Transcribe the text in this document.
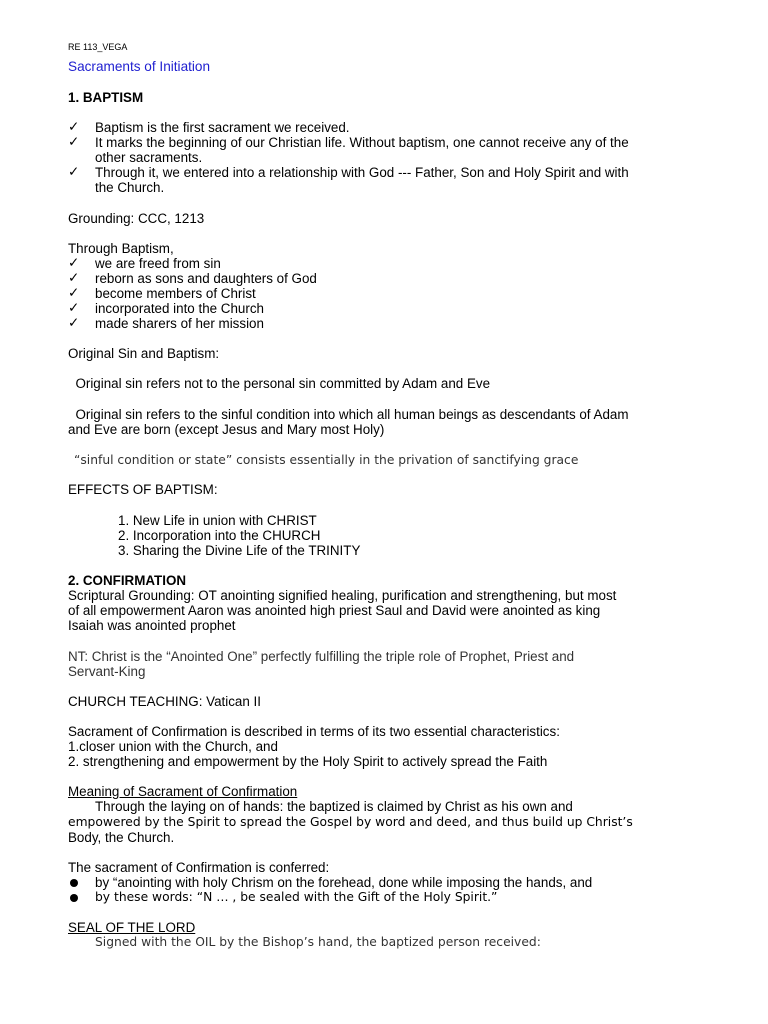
RE 113_VEGA
Sacraments of Initiation
1. BAPTISM
✓ Baptism is the first sacrament we received.
✓ It marks the beginning of our Christian life. Without baptism, one cannot receive any of the
other sacraments.
✓ Through it, we entered into a relationship with God --- Father, Son and Holy Spirit and with
the Church.
Grounding: CCC, 1213
Through Baptism,
✓ we are freed from sin
✓ reborn as sons and daughters of God
✓ become members of Christ
✓ incorporated into the Church
✓ made sharers of her mission
Original Sin and Baptism:
Original sin refers not to the personal sin committed by Adam and Eve
Original sin refers to the sinful condition into which all human beings as descendants of Adam
and Eve are born (except Jesus and Mary most Holy)
“sinful condition or state” consists essentially in the privation of sanctifying grace
EFFECTS OF BAPTISM:
1. New Life in union with CHRIST
2. Incorporation into the CHURCH
3. Sharing the Divine Life of the TRINITY
2. CONFIRMATION
Scriptural Grounding: OT anointing signified healing, purification and strengthening, but most
of all empowerment Aaron was anointed high priest Saul and David were anointed as king
Isaiah was anointed prophet
NT: Christ is the “Anointed One” perfectly fulfilling the triple role of Prophet, Priest and
Servant-King
CHURCH TEACHING: Vatican II
Sacrament of Confirmation is described in terms of its two essential characteristics:
1.closer union with the Church, and
2. strengthening and empowerment by the Holy Spirit to actively spread the Faith
Meaning of Sacrament of Confirmation
Through the laying on of hands: the baptized is claimed by Christ as his own and
empowered by the Spirit to spread the Gospel by word and deed, and thus build up Christ’s
Body, the Church.
The sacrament of Confirmation is conferred:
by “anointing with holy Chrism on the forehead, done while imposing the hands, and
by these words: “N … , be sealed with the Gift of the Holy Spirit.”
SEAL OF THE LORD
Signed with the OIL by the Bishop’s hand, the baptized person received:
